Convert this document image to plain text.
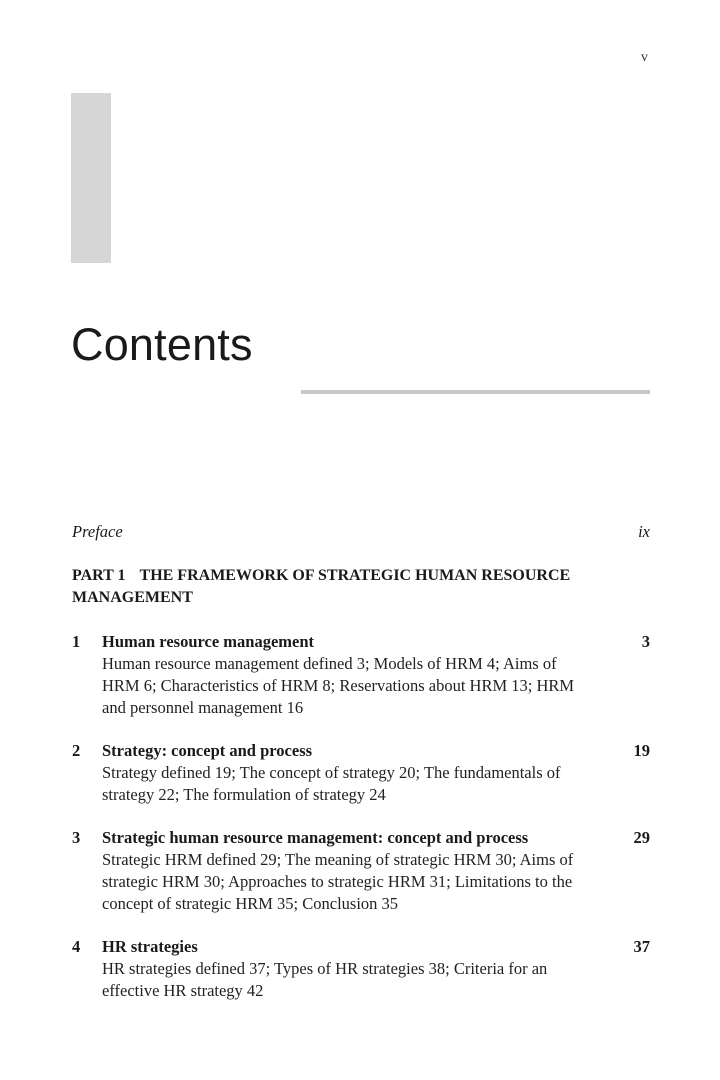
v
Contents
Preface	ix
PART 1 THE FRAMEWORK OF STRATEGIC HUMAN RESOURCE MANAGEMENT
1	Human resource management	3
Human resource management defined 3; Models of HRM 4; Aims of HRM 6; Characteristics of HRM 8; Reservations about HRM 13; HRM and personnel management 16
2	Strategy: concept and process	19
Strategy defined 19; The concept of strategy 20; The fundamentals of strategy 22; The formulation of strategy 24
3	Strategic human resource management: concept and process	29
Strategic HRM defined 29; The meaning of strategic HRM 30; Aims of strategic HRM 30; Approaches to strategic HRM 31; Limitations to the concept of strategic HRM 35; Conclusion 35
4	HR strategies	37
HR strategies defined 37; Types of HR strategies 38; Criteria for an effective HR strategy 42
